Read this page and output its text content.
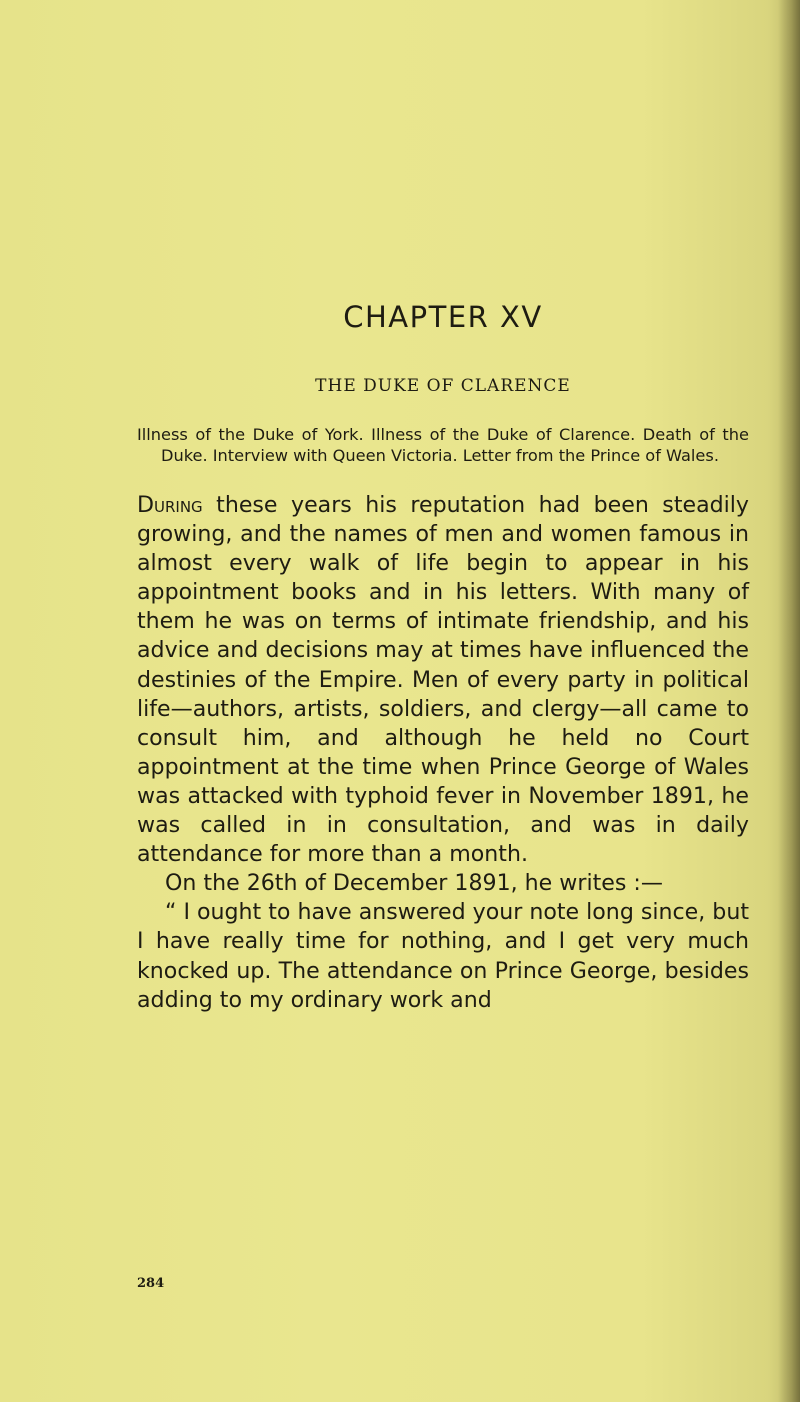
CHAPTER XV
THE DUKE OF CLARENCE

Illness of the Duke of York. Illness of the Duke of Clarence. Death of the Duke. Interview with Queen Victoria. Letter from the Prince of Wales.

During these years his reputation had been steadily growing, and the names of men and women famous in almost every walk of life begin to appear in his appointment books and in his letters. With many of them he was on terms of intimate friendship, and his advice and decisions may at times have influenced the destinies of the Empire. Men of every party in political life—authors, artists, soldiers, and clergy—all came to consult him, and although he held no Court appointment at the time when Prince George of Wales was attacked with typhoid fever in November 1891, he was called in in consultation, and was in daily attendance for more than a month.

On the 26th of December 1891, he writes :—

“ I ought to have answered your note long since, but I have really time for nothing, and I get very much knocked up. The attendance on Prince George, besides adding to my ordinary work and

284
